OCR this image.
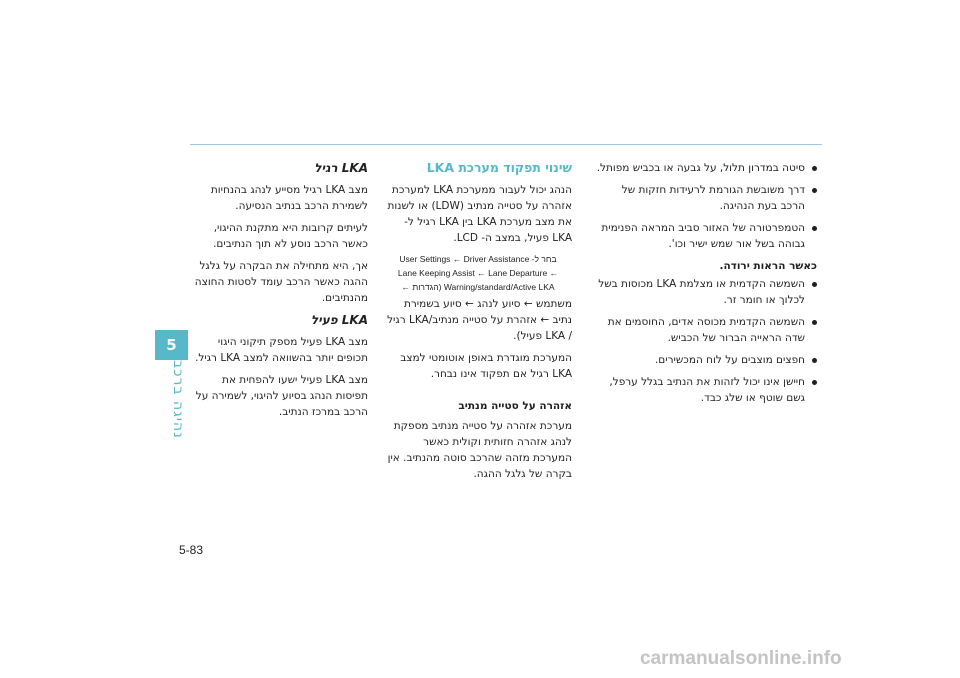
5
נהיגה ברכב
5-83
LKA רגיל

מצב LKA רגיל מסייע לנהג בהנחיות לשמירת הרכב בנתיב הנסיעה.

לעיתים קרובות היא מתקנת ההיגוי, כאשר הרכב נוסע לא תוך הנתיבים.

אך, היא מתחילה את הבקרה על גלגל ההגה כאשר הרכב עומד לסטות החוצה מהנתיבים.

LKA פעיל

מצב LKA פעיל מספק תיקוני היגוי תכופים יותר בהשוואה למצב LKA רגיל.

מצב LKA פעיל ישעו להפחית את תפיסות הנהג בסיוע להיגוי, לשמירה על הרכב במרכז הנתיב.

שינוי תפקוד מערכת LKA

הנהג יכול לעבור ממערכת LKA למערכת אזהרה על סטייה מנתיב (LDW) או לשנות את מצב מערכת LKA בין LKA רגיל ל- LKA פעיל, במצב ה- LCD.

בחר ל- User Settings ← Driver Assistance
← Lane Keeping Assist ← Lane Departure
Warning/standard/Active LKA (הגדרות ←

משתמש ← סיוע לנהג ← סיוע בשמירת נתיב ← אזהרת על סטייה מנתיב/LKA רגיל / LKA פעיל).

המערכת מוגדרת באופן אוטומטי למצב LKA רגיל אם תפקוד אינו נבחר.

אזהרה על סטייה מנתיב

מערכת אזהרה על סטייה מנתיב מספקת לנהג אזהרה חזותית וקולית כאשר המערכת מזהה שהרכב סוטה מהנתיב. אין בקרה של גלגל ההגה.

סיטה במדרון תלול, על גבעה או בכביש מפותל.
דרך משובשת הגורמת לרעידות חזקות של הרכב בעת הנהיגה.
הטמפרטורה של האזור סביב המראה הפנימית גבוהה בשל אור שמש ישיר וכו'.
כאשר הראות ירודה.
השמשה הקדמית או מצלמת LKA מכוסות בשל לכלוך או חומר זר.
השמשה הקדמית מכוסה אדים, החוסמים את שדה הראייה הברור של הכביש.
חפצים מוצבים על לוח המכשירים.
חיישן אינו יכול לזהות את הנתיב בגלל ערפל, גשם שוטף או שלג כבד.
carmanualsonline.info
